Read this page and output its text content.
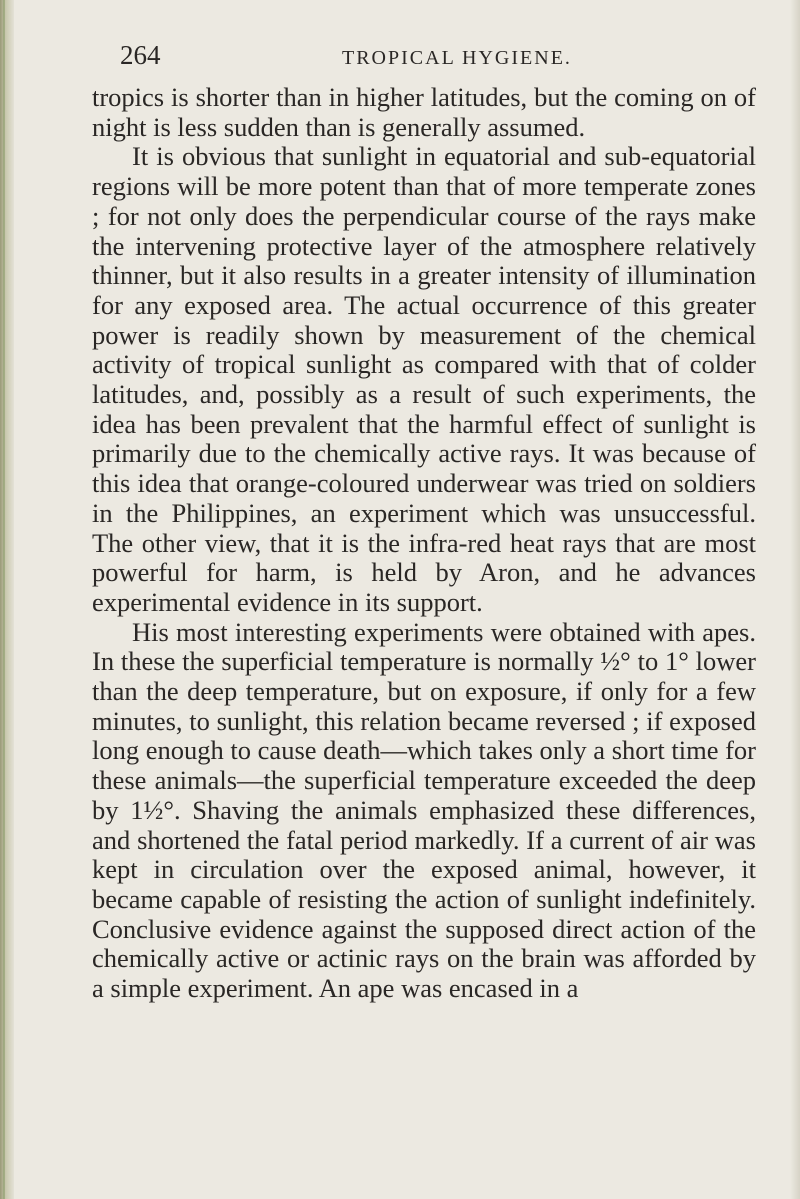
264	TROPICAL HYGIENE.

tropics is shorter than in higher latitudes, but the coming on of night is less sudden than is generally assumed.

It is obvious that sunlight in equatorial and sub-equatorial regions will be more potent than that of more temperate zones ; for not only does the perpendicular course of the rays make the intervening protective layer of the atmosphere relatively thinner, but it also results in a greater intensity of illumination for any exposed area. The actual occurrence of this greater power is readily shown by measurement of the chemical activity of tropical sunlight as compared with that of colder latitudes, and, possibly as a result of such experiments, the idea has been prevalent that the harmful effect of sunlight is primarily due to the chemically active rays. It was because of this idea that orange-coloured underwear was tried on soldiers in the Philippines, an experiment which was unsuccessful. The other view, that it is the infra-red heat rays that are most powerful for harm, is held by Aron, and he advances experimental evidence in its support.

His most interesting experiments were obtained with apes. In these the superficial temperature is normally ½° to 1° lower than the deep temperature, but on exposure, if only for a few minutes, to sunlight, this relation became reversed ; if exposed long enough to cause death—which takes only a short time for these animals—the superficial temperature exceeded the deep by 1½°. Shaving the animals emphasized these differences, and shortened the fatal period markedly. If a current of air was kept in circulation over the exposed animal, however, it became capable of resisting the action of sunlight indefinitely. Conclusive evidence against the supposed direct action of the chemically active or actinic rays on the brain was afforded by a simple experiment. An ape was encased in a
